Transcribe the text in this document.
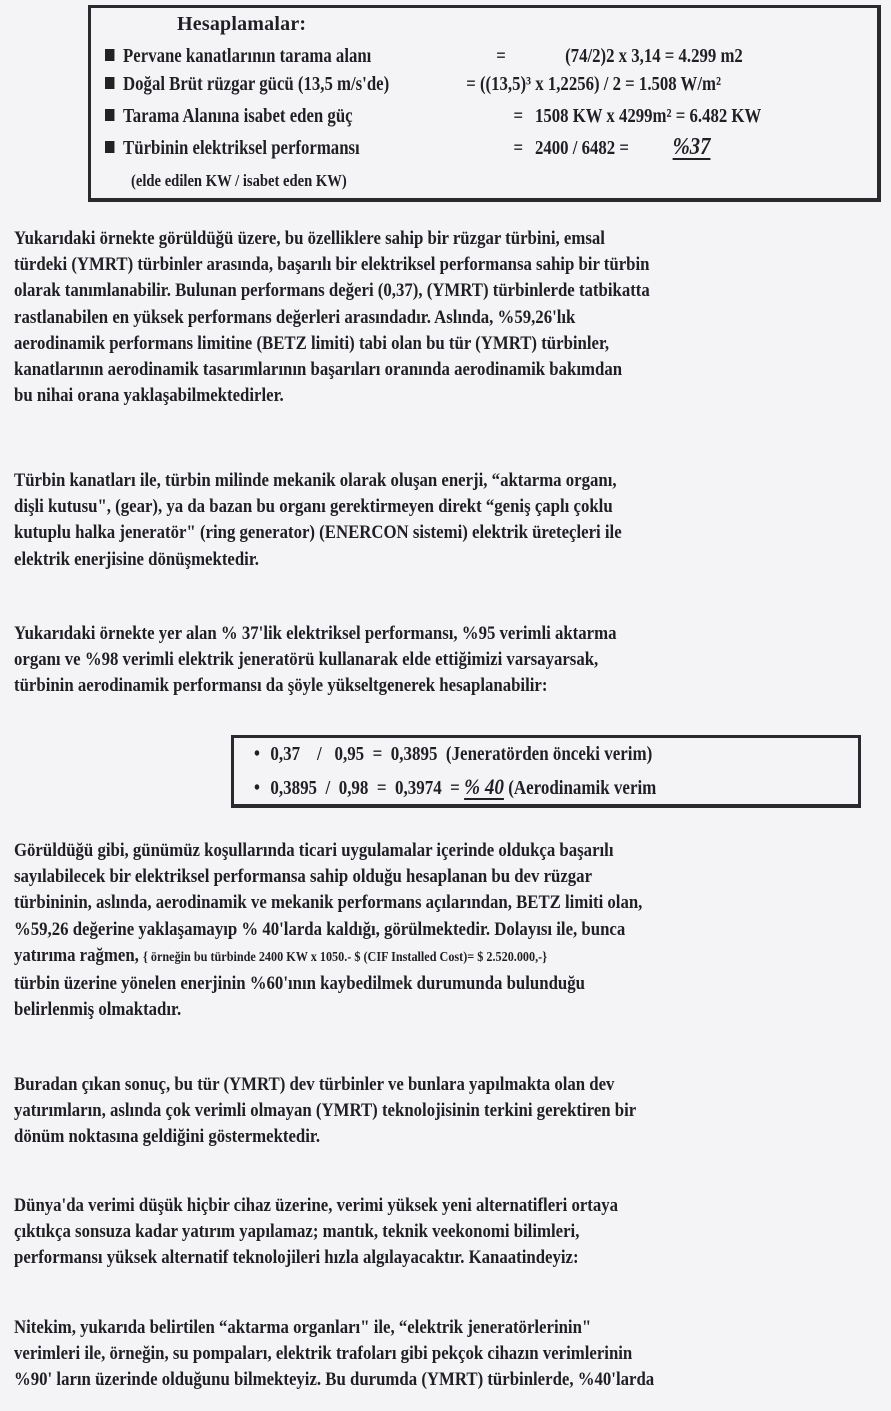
Hesaplamalar:
Pervane kanatlarının tarama alanı	=	(74/2)2 x 3,14 = 4.299 m2
Doğal Brüt rüzgar gücü (13,5 m/s'de)	= ((13,5)³ x 1,2256) / 2 = 1.508 W/m²
Tarama Alanına isabet eden güç	= 1508 KW x 4299m² = 6.482 KW
Türbinin elektriksel performansı	= 2400 / 6482 = %37
(elde edilen KW / isabet eden KW)
Yukarıdaki örnekte görüldüğü üzere, bu özelliklere sahip bir rüzgar türbini, emsal
türdeki (YMRT) türbinler arasında, başarılı bir elektriksel performansa sahip bir türbin
olarak tanımlanabilir. Bulunan performans değeri (0,37), (YMRT) türbinlerde tatbikatta
rastlanabilen en yüksek performans değerleri arasındadır. Aslında, %59,26'lık
aerodinamik performans limitine (BETZ limiti) tabi olan bu tür (YMRT) türbinler,
kanatlarının aerodinamik tasarımlarının başarıları oranında aerodinamik bakımdan
bu nihai orana yaklaşabilmektedirler.
Türbin kanatları ile, türbin milinde mekanik olarak oluşan enerji, “aktarma organı,
dişli kutusu", (gear), ya da bazan bu organı gerektirmeyen direkt “geniş çaplı çoklu
kutuplu halka jeneratör" (ring generator) (ENERCON sistemi) elektrik üreteçleri ile
elektrik enerjisine dönüşmektedir.
Yukarıdaki örnekte yer alan % 37'lik elektriksel performansı, %95 verimli aktarma
organı ve %98 verimli elektrik jeneratörü kullanarak elde ettiğimizi varsayarsak,
türbinin aerodinamik performansı da şöyle yükseltgenerek hesaplanabilir:
• 0,37    /   0,95  =  0,3895  (Jeneratörden önceki verim)
• 0,3895  /  0,98  =  0,3974  = % 40 (Aerodinamik verim
Görüldüğü gibi, günümüz koşullarında ticari uygulamalar içerinde oldukça başarılı
sayılabilecek bir elektriksel performansa sahip olduğu hesaplanan bu dev rüzgar
türbininin, aslında, aerodinamik ve mekanik performans açılarından, BETZ limiti olan,
%59,26 değerine yaklaşamayıp % 40'larda kaldığı, görülmektedir. Dolayısı ile, bunca
yatırıma rağmen, { örneğin bu türbinde 2400 KW x 1050.- $ (CIF Installed Cost)= $ 2.520.000,-}
türbin üzerine yönelen enerjinin %60'ının kaybedilmek durumunda bulunduğu
belirlenmiş olmaktadır.
Buradan çıkan sonuç, bu tür (YMRT) dev türbinler ve bunlara yapılmakta olan dev
yatırımların, aslında çok verimli olmayan (YMRT) teknolojisinin terkini gerektiren bir
dönüm noktasına geldiğini göstermektedir.
Dünya'da verimi düşük hiçbir cihaz üzerine, verimi yüksek yeni alternatifleri ortaya
çıktıkça sonsuza kadar yatırım yapılamaz; mantık, teknik veekonomi bilimleri,
performansı yüksek alternatif teknolojileri hızla algılayacaktır. Kanaatindeyiz:
Nitekim, yukarıda belirtilen “aktarma organları" ile, “elektrik jeneratörlerinin"
verimleri ile, örneğin, su pompaları, elektrik trafoları gibi pekçok cihazın verimlerinin
%90' ların üzerinde olduğunu bilmekteyiz. Bu durumda (YMRT) türbinlerde, %40'larda
